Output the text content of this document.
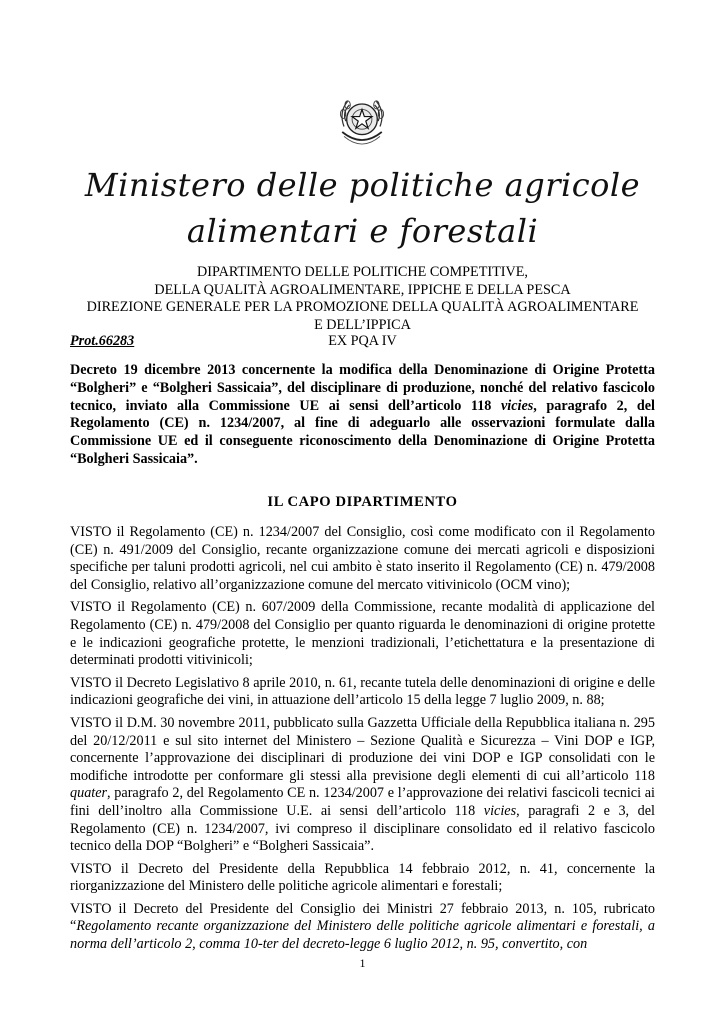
Ministero delle politiche agricole
alimentari e forestali
DIPARTIMENTO DELLE POLITICHE COMPETITIVE,
DELLA QUALITÀ AGROALIMENTARE, IPPICHE E DELLA PESCA
DIREZIONE GENERALE PER LA PROMOZIONE DELLA QUALITÀ AGROALIMENTARE
E DELL’IPPICA
EX PQA IV
Prot.66283
Decreto 19 dicembre 2013 concernente la modifica della Denominazione di Origine Protetta “Bolgheri” e “Bolgheri Sassicaia”, del disciplinare di produzione, nonché del relativo fascicolo tecnico, inviato alla Commissione UE ai sensi dell’articolo 118 vicies, paragrafo 2, del Regolamento (CE) n. 1234/2007, al fine di adeguarlo alle osservazioni formulate dalla Commissione UE ed il conseguente riconoscimento della Denominazione di Origine Protetta “Bolgheri Sassicaia”.
IL CAPO DIPARTIMENTO

VISTO il Regolamento (CE) n. 1234/2007 del Consiglio, così come modificato con il Regolamento (CE) n. 491/2009 del Consiglio, recante organizzazione comune dei mercati agricoli e disposizioni specifiche per taluni prodotti agricoli, nel cui ambito è stato inserito il Regolamento (CE) n. 479/2008 del Consiglio, relativo all’organizzazione comune del mercato vitivinicolo (OCM vino);

VISTO il Regolamento (CE) n. 607/2009 della Commissione, recante modalità di applicazione del Regolamento (CE) n. 479/2008 del Consiglio per quanto riguarda le denominazioni di origine protette e le indicazioni geografiche protette, le menzioni tradizionali, l’etichettatura e la presentazione di determinati prodotti vitivinicoli;

VISTO il Decreto Legislativo 8 aprile 2010, n. 61, recante tutela delle denominazioni di origine e delle indicazioni geografiche dei vini, in attuazione dell’articolo 15 della legge 7 luglio 2009, n. 88;

VISTO il D.M. 30 novembre 2011, pubblicato sulla Gazzetta Ufficiale della Repubblica italiana n. 295 del 20/12/2011 e sul sito internet del Ministero – Sezione Qualità e Sicurezza – Vini DOP e IGP, concernente l’approvazione dei disciplinari di produzione dei vini DOP e IGP consolidati con le modifiche introdotte per conformare gli stessi alla previsione degli elementi di cui all’articolo 118 quater, paragrafo 2, del Regolamento CE n. 1234/2007 e l’approvazione dei relativi fascicoli tecnici ai fini dell’inoltro alla Commissione U.E. ai sensi dell’articolo 118 vicies, paragrafi 2 e 3, del Regolamento (CE) n. 1234/2007, ivi compreso il disciplinare consolidato ed il relativo fascicolo tecnico della DOP “Bolgheri” e “Bolgheri Sassicaia”.

VISTO il Decreto del Presidente della Repubblica 14 febbraio 2012, n. 41, concernente la riorganizzazione del Ministero delle politiche agricole alimentari e forestali;

VISTO il Decreto del Presidente del Consiglio dei Ministri 27 febbraio 2013, n. 105, rubricato “Regolamento recante organizzazione del Ministero delle politiche agricole alimentari e forestali, a norma dell’articolo 2, comma 10-ter del decreto-legge 6 luglio 2012, n. 95, convertito, con

1
